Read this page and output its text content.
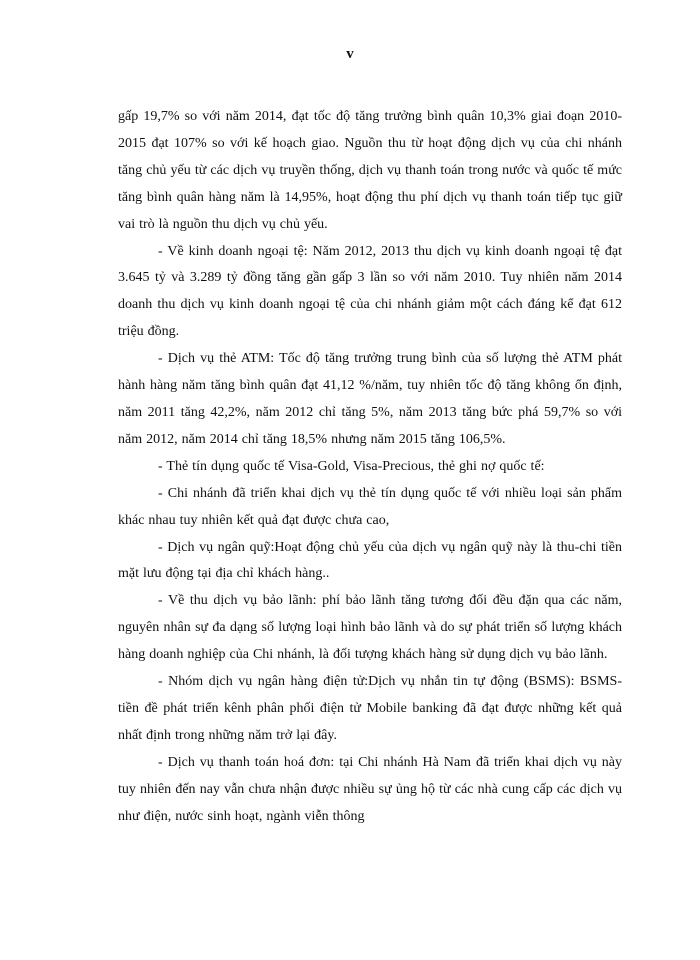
v

gấp 19,7% so với năm 2014, đạt tốc độ tăng trưởng bình quân 10,3% giai đoạn 2010-2015 đạt 107% so với kế hoạch giao. Nguồn thu từ hoạt động dịch vụ của chi nhánh tăng chủ yếu từ các dịch vụ truyền thống, dịch vụ thanh toán trong nước và quốc tế mức tăng bình quân hàng năm là 14,95%, hoạt động thu phí dịch vụ thanh toán tiếp tục giữ vai trò là nguồn thu dịch vụ chủ yếu.

- Về kinh doanh ngoại tệ: Năm 2012, 2013 thu dịch vụ kinh doanh ngoại tệ đạt 3.645 tỷ và 3.289 tỷ đồng tăng gần gấp 3 lần so với năm 2010. Tuy nhiên năm 2014 doanh thu dịch vụ kinh doanh ngoại tệ của chi nhánh giảm một cách đáng kể đạt 612 triệu đồng.

- Dịch vụ thẻ ATM: Tốc độ tăng trưởng trung bình của số lượng thẻ ATM phát hành hàng năm tăng bình quân đạt 41,12 %/năm, tuy nhiên tốc độ tăng không ổn định, năm 2011 tăng 42,2%, năm 2012 chỉ tăng 5%, năm 2013 tăng bức phá 59,7% so với năm 2012, năm 2014 chỉ tăng 18,5% nhưng năm 2015 tăng 106,5%.

- Thẻ tín dụng quốc tế Visa-Gold, Visa-Precious, thẻ ghi nợ quốc tế:

- Chi nhánh đã triển khai dịch vụ thẻ tín dụng quốc tế với nhiều loại sản phẩm khác nhau tuy nhiên kết quả đạt được chưa cao,

- Dịch vụ ngân quỹ:Hoạt động chủ yếu của dịch vụ ngân quỹ này là thu-chi tiền mặt lưu động tại địa chỉ khách hàng..

- Về thu dịch vụ bảo lãnh: phí bảo lãnh tăng tương đối đều đặn qua các năm, nguyên nhân sự đa dạng số lượng loại hình bảo lãnh và do sự phát triển số lượng khách hàng doanh nghiệp của Chi nhánh, là đối tượng khách hàng sử dụng dịch vụ bảo lãnh.

- Nhóm dịch vụ ngân hàng điện tử:Dịch vụ nhắn tin tự động (BSMS): BSMS- tiền đề phát triển kênh phân phối điện tử Mobile banking đã đạt được những kết quả nhất định trong những năm trở lại đây.

- Dịch vụ thanh toán hoá đơn: tại Chi nhánh Hà Nam đã triển khai dịch vụ này tuy nhiên đến nay vẫn chưa nhận được nhiều sự ủng hộ từ các nhà cung cấp các dịch vụ như điện, nước sinh hoạt, ngành viễn thông
